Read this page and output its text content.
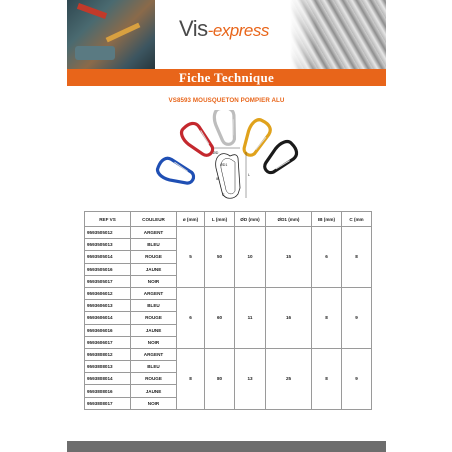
Vis-express
Fiche Technique
VS8593 MOUSQUETON POMPIER ALU
ØD1
ØD
L
IB
C
REF VS	COULEUR	ø (mm)	L (mm)	ØD (mm)	ØD1 (mm)	IB (mm)	C (mm
9593505012	ARGENT	5	50	10	15	6	8
9593505013	BLEU						
9593505014	ROUGE						
9593505016	JAUNE						
9593505017	NOIR						
9593606012	ARGENT	6	60	11	16	8	9
9593606013	BLEU						
9593606014	ROUGE						
9593606016	JAUNE						
9593606017	NOIR						
9593808012	ARGENT	8	80	13	25	8	9
9593808013	BLEU						
9593808014	ROUGE						
9593808016	JAUNE						
9593808017	NOIR						
